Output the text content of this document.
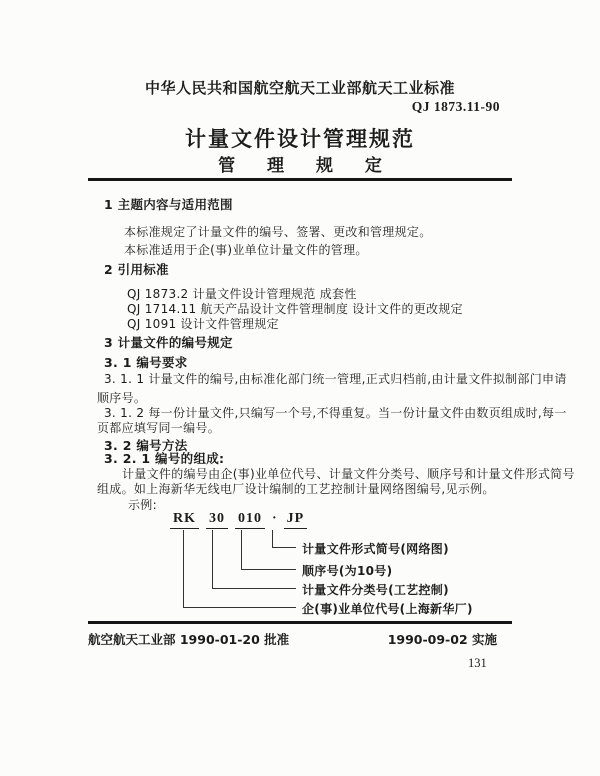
中华人民共和国航空航天工业部航天工业标准
QJ 1873.11-90
计量文件设计管理规范
管 理 规 定
1 主题内容与适用范围
本标准规定了计量文件的编号、签署、更改和管理规定。
本标准适用于企(事)业单位计量文件的管理。
2 引用标准
QJ 1873.2 计量文件设计管理规范 成套性
QJ 1714.11 航天产品设计文件管理制度 设计文件的更改规定
QJ 1091 设计文件管理规定
3 计量文件的编号规定
3. 1 编号要求
3. 1. 1 计量文件的编号,由标准化部门统一管理,正式归档前,由计量文件拟制部门申请
顺序号。
3. 1. 2 每一份计量文件,只编写一个号,不得重复。当一份计量文件由数页组成时,每一
页都应填写同一编号。
3. 2 编号方法
3. 2. 1 编号的组成:
计量文件的编号由企(事)业单位代号、计量文件分类号、顺序号和计量文件形式简号
组成。如上海新华无线电厂设计编制的工艺控制计量网络图编号,见示例。
示例:
RK 30 010 · JP
计量文件形式简号(网络图)
顺序号(为10号)
计量文件分类号(工艺控制)
企(事)业单位代号(上海新华厂)
航空航天工业部 1990-01-20 批准	1990-09-02 实施
131
